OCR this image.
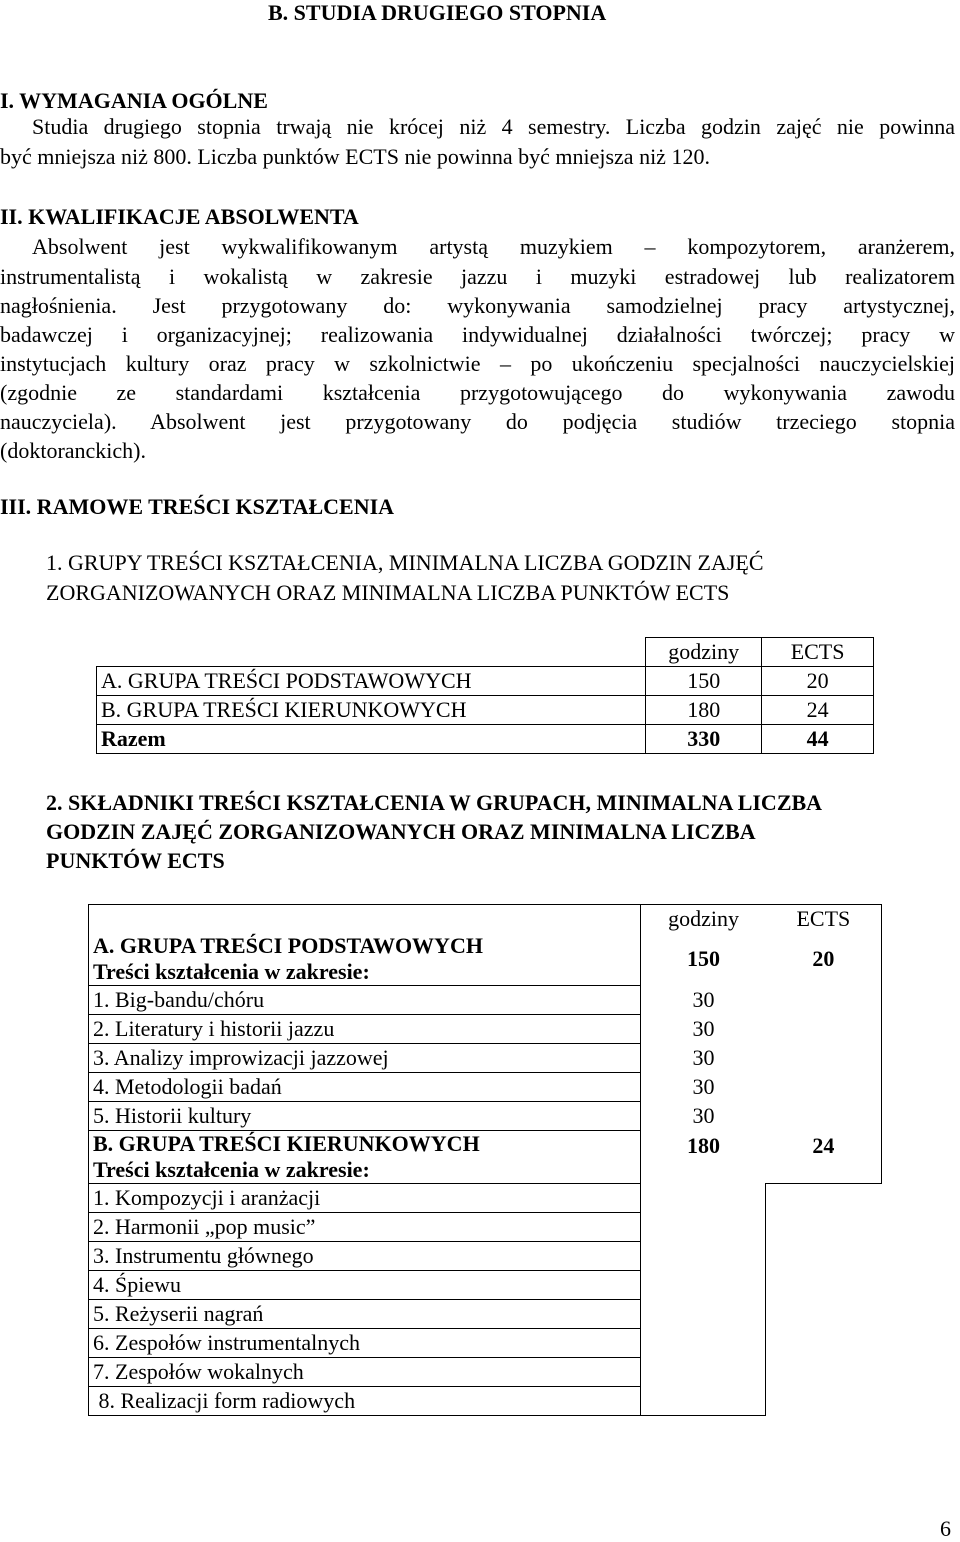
B. STUDIA DRUGIEGO STOPNIA
I. WYMAGANIA OGÓLNE
Studia drugiego stopnia trwają nie krócej niż 4 semestry. Liczba godzin zajęć nie powinna
być mniejsza niż 800. Liczba punktów ECTS nie powinna być mniejsza niż 120.
II. KWALIFIKACJE ABSOLWENTA
Absolwent jest wykwalifikowanym artystą muzykiem – kompozytorem, aranżerem,
instrumentalistą i wokalistą w zakresie jazzu i muzyki estradowej lub realizatorem
nagłośnienia. Jest przygotowany do: wykonywania samodzielnej pracy artystycznej,
badawczej i organizacyjnej; realizowania indywidualnej działalności twórczej; pracy w
instytucjach kultury oraz pracy w szkolnictwie – po ukończeniu specjalności nauczycielskiej
(zgodnie ze standardami kształcenia przygotowującego do wykonywania zawodu
nauczyciela). Absolwent jest przygotowany do podjęcia studiów trzeciego stopnia
(doktoranckich).
III. RAMOWE TREŚCI KSZTAŁCENIA
1. GRUPY TREŚCI KSZTAŁCENIA, MINIMALNA LICZBA GODZIN ZAJĘĆ
ZORGANIZOWANYCH ORAZ MINIMALNA LICZBA PUNKTÓW ECTS
	godziny	ECTS
A. GRUPA TREŚCI PODSTAWOWYCH	150	20
B. GRUPA TREŚCI KIERUNKOWYCH	180	24
Razem	330	44
2. SKŁADNIKI TREŚCI KSZTAŁCENIA W GRUPACH, MINIMALNA LICZBA
GODZIN ZAJĘĆ ZORGANIZOWANYCH ORAZ MINIMALNA LICZBA
PUNKTÓW ECTS
	godziny	ECTS

A. GRUPA TREŚCI PODSTAWOWYCH
Treści kształcenia w zakresie:	150	20
1. Big-bandu/chóru	30	
2. Literatury i historii jazzu	30	
3. Analizy improwizacji jazzowej	30	
4. Metodologii badań	30	
5. Historii kultury	30	

B. GRUPA TREŚCI KIERUNKOWYCH
Treści kształcenia w zakresie:	180	24
1. Kompozycji i aranżacji		
2. Harmonii „pop music”		
3. Instrumentu głównego		
4. Śpiewu		
5. Reżyserii nagrań		
6. Zespołów instrumentalnych		
7. Zespołów wokalnych		
8. Realizacji form radiowych		
6
